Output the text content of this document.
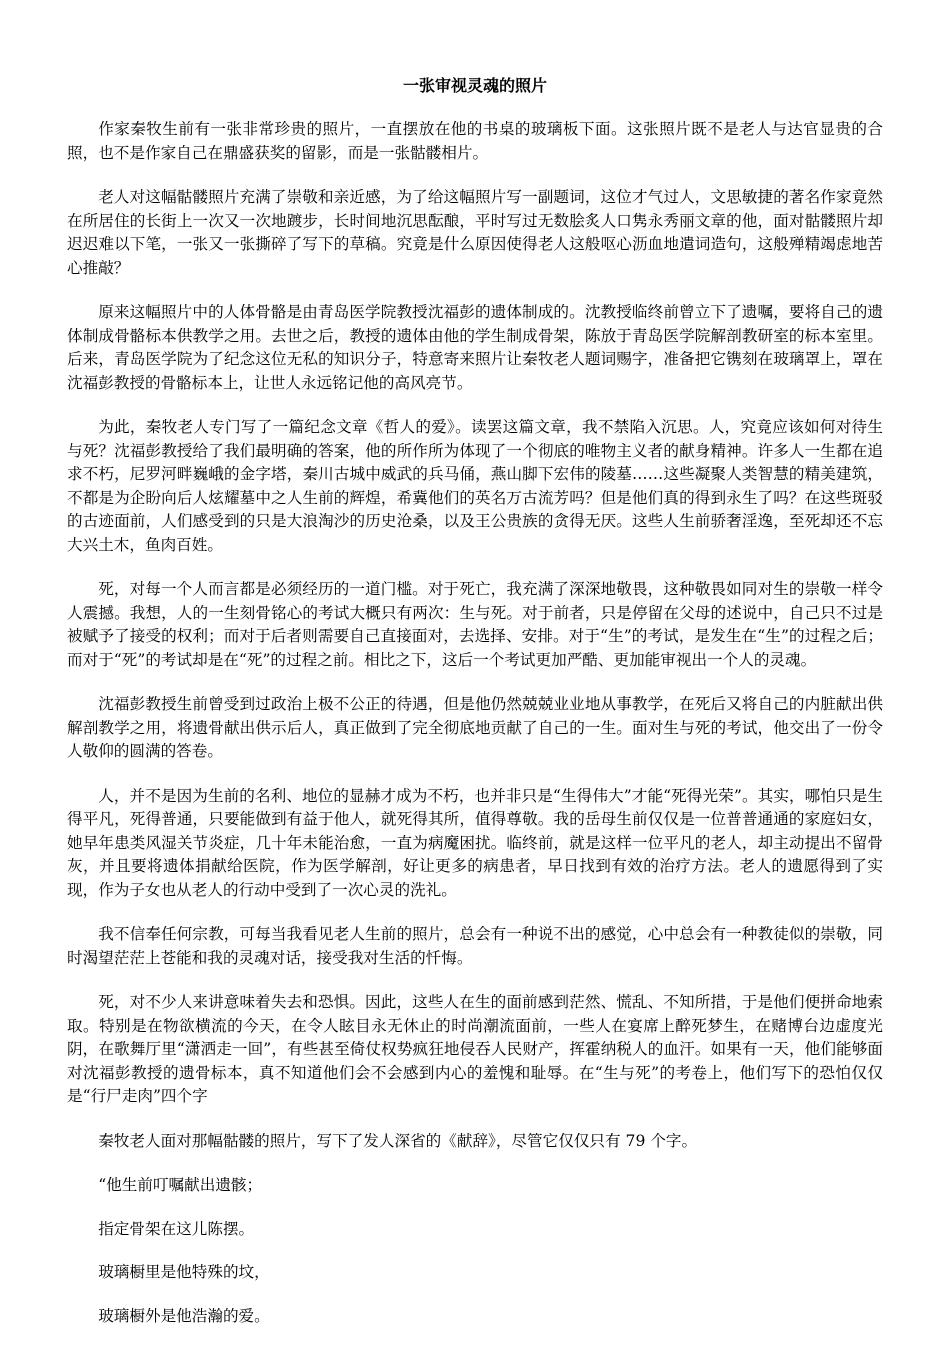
一张审视灵魂的照片

作家秦牧生前有一张非常珍贵的照片，一直摆放在他的书桌的玻璃板下面。这张照片既不是老人与达官显贵的合照，也不是作家自己在鼎盛获奖的留影，而是一张骷髅相片。

老人对这幅骷髅照片充满了崇敬和亲近感，为了给这幅照片写一副题词，这位才气过人，文思敏捷的著名作家竟然在所居住的长街上一次又一次地踱步，长时间地沉思酝酿，平时写过无数脍炙人口隽永秀丽文章的他，面对骷髅照片却迟迟难以下笔，一张又一张撕碎了写下的草稿。究竟是什么原因使得老人这般呕心沥血地遣词造句，这般殚精竭虑地苦心推敲？

原来这幅照片中的人体骨骼是由青岛医学院教授沈福彭的遗体制成的。沈教授临终前曾立下了遗嘱，要将自己的遗体制成骨骼标本供教学之用。去世之后，教授的遗体由他的学生制成骨架，陈放于青岛医学院解剖教研室的标本室里。后来，青岛医学院为了纪念这位无私的知识分子，特意寄来照片让秦牧老人题词赐字，准备把它镌刻在玻璃罩上，罩在沈福彭教授的骨骼标本上，让世人永远铭记他的高风亮节。

为此，秦牧老人专门写了一篇纪念文章《哲人的爱》。读罢这篇文章，我不禁陷入沉思。人，究竟应该如何对待生与死？沈福彭教授给了我们最明确的答案，他的所作所为体现了一个彻底的唯物主义者的献身精神。许多人一生都在追求不朽，尼罗河畔巍峨的金字塔，秦川古城中威武的兵马俑，燕山脚下宏伟的陵墓……这些凝聚人类智慧的精美建筑，不都是为企盼向后人炫耀墓中之人生前的辉煌，希冀他们的英名万古流芳吗？但是他们真的得到永生了吗？在这些斑驳的古迹面前，人们感受到的只是大浪淘沙的历史沧桑，以及王公贵族的贪得无厌。这些人生前骄奢淫逸，至死却还不忘大兴土木，鱼肉百姓。

死，对每一个人而言都是必须经历的一道门槛。对于死亡，我充满了深深地敬畏，这种敬畏如同对生的崇敬一样令人震撼。我想，人的一生刻骨铭心的考试大概只有两次：生与死。对于前者，只是停留在父母的述说中，自己只不过是被赋予了接受的权利；而对于后者则需要自己直接面对，去选择、安排。对于“生”的考试，是发生在“生”的过程之后；而对于“死”的考试却是在“死”的过程之前。相比之下，这后一个考试更加严酷、更加能审视出一个人的灵魂。

沈福彭教授生前曾受到过政治上极不公正的待遇，但是他仍然兢兢业业地从事教学，在死后又将自己的内脏献出供解剖教学之用，将遗骨献出供示后人，真正做到了完全彻底地贡献了自己的一生。面对生与死的考试，他交出了一份令人敬仰的圆满的答卷。

人，并不是因为生前的名利、地位的显赫才成为不朽，也并非只是“生得伟大”才能“死得光荣”。其实，哪怕只是生得平凡，死得普通，只要能做到有益于他人，就死得其所，值得尊敬。我的岳母生前仅仅是一位普普通通的家庭妇女，她早年患类风湿关节炎症，几十年未能治愈，一直为病魔困扰。临终前，就是这样一位平凡的老人，却主动提出不留骨灰，并且要将遗体捐献给医院，作为医学解剖，好让更多的病患者，早日找到有效的治疗方法。老人的遗愿得到了实现，作为子女也从老人的行动中受到了一次心灵的洗礼。

我不信奉任何宗教，可每当我看见老人生前的照片，总会有一种说不出的感觉，心中总会有一种教徒似的崇敬，同时渴望茫茫上苍能和我的灵魂对话，接受我对生活的忏悔。

死，对不少人来讲意味着失去和恐惧。因此，这些人在生的面前感到茫然、慌乱、不知所措，于是他们便拼命地索取。特别是在物欲横流的今天，在令人眩目永无休止的时尚潮流面前，一些人在宴席上醉死梦生，在赌博台边虚度光阴，在歌舞厅里“潇洒走一回”，有些甚至倚仗权势疯狂地侵吞人民财产，挥霍纳税人的血汗。如果有一天，他们能够面对沈福彭教授的遗骨标本，真不知道他们会不会感到内心的羞愧和耻辱。在“生与死”的考卷上，他们写下的恐怕仅仅是“行尸走肉”四个字

秦牧老人面对那幅骷髅的照片，写下了发人深省的《献辞》，尽管它仅仅只有 79 个字。

“他生前叮嘱献出遗骸；

指定骨架在这儿陈摆。

玻璃橱里是他特殊的坟，

玻璃橱外是他浩瀚的爱。
